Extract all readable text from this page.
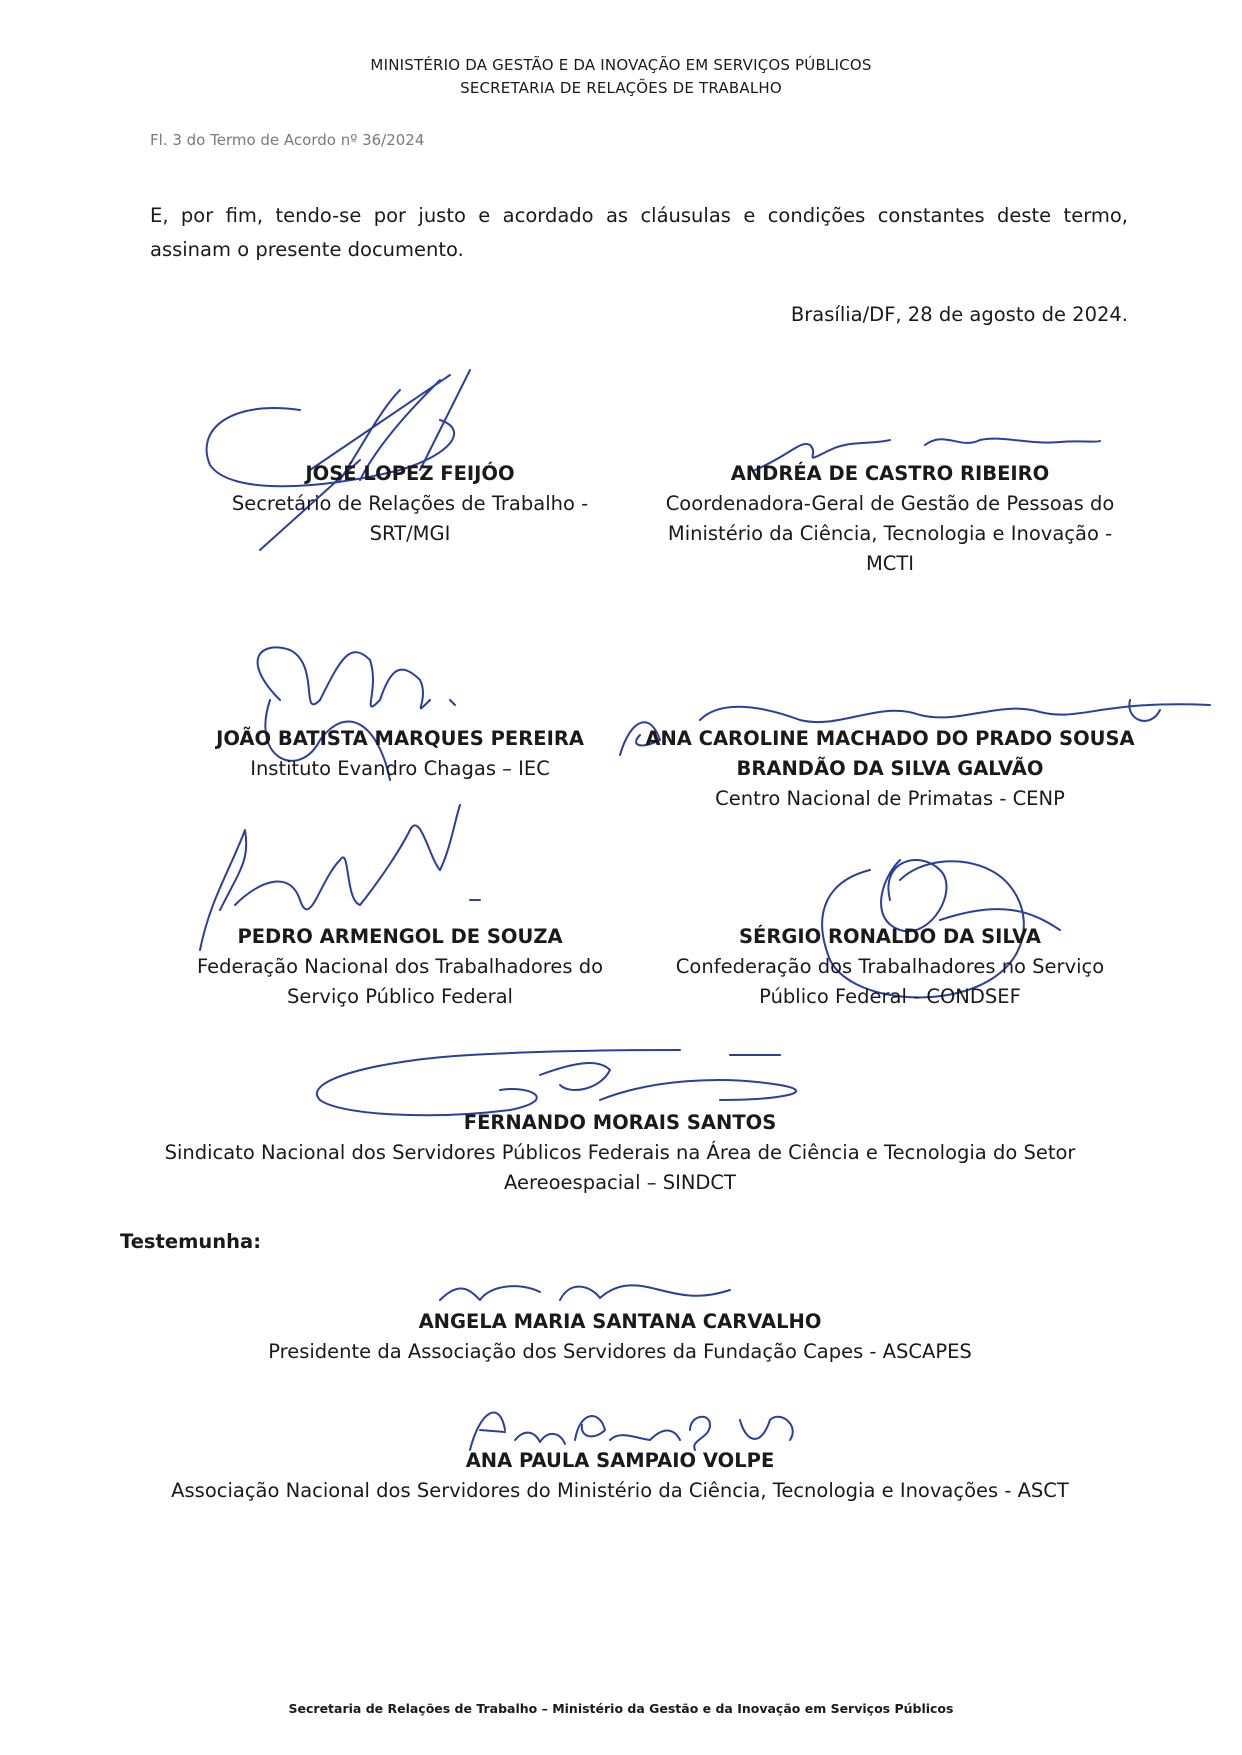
MINISTÉRIO DA GESTÃO E DA INOVAÇÃO EM SERVIÇOS PÚBLICOS
SECRETARIA DE RELAÇÕES DE TRABALHO
Fl. 3 do Termo de Acordo nº 36/2024
E, por fim, tendo-se por justo e acordado as cláusulas e condições constantes deste termo, assinam o presente documento.
Brasília/DF, 28 de agosto de 2024.
JOSÉ LOPEZ FEIJÓO
Secretário de Relações de Trabalho -
SRT/MGI
ANDRÉA DE CASTRO RIBEIRO
Coordenadora-Geral de Gestão de Pessoas do
Ministério da Ciência, Tecnologia e Inovação -
MCTI
JOÃO BATISTA MARQUES PEREIRA
Instituto Evandro Chagas – IEC
ANA CAROLINE MACHADO DO PRADO SOUSA
BRANDÃO DA SILVA GALVÃO
Centro Nacional de Primatas - CENP
PEDRO ARMENGOL DE SOUZA
Federação Nacional dos Trabalhadores do
Serviço Público Federal
SÉRGIO RONALDO DA SILVA
Confederação dos Trabalhadores no Serviço
Público Federal - CONDSEF
FERNANDO MORAIS SANTOS
Sindicato Nacional dos Servidores Públicos Federais na Área de Ciência e Tecnologia do Setor
Aereoespacial – SINDCT
Testemunha:
ANGELA MARIA SANTANA CARVALHO
Presidente da Associação dos Servidores da Fundação Capes - ASCAPES
ANA PAULA SAMPAIO VOLPE
Associação Nacional dos Servidores do Ministério da Ciência, Tecnologia e Inovações - ASCT
Secretaria de Relações de Trabalho – Ministério da Gestão e da Inovação em Serviços Públicos
